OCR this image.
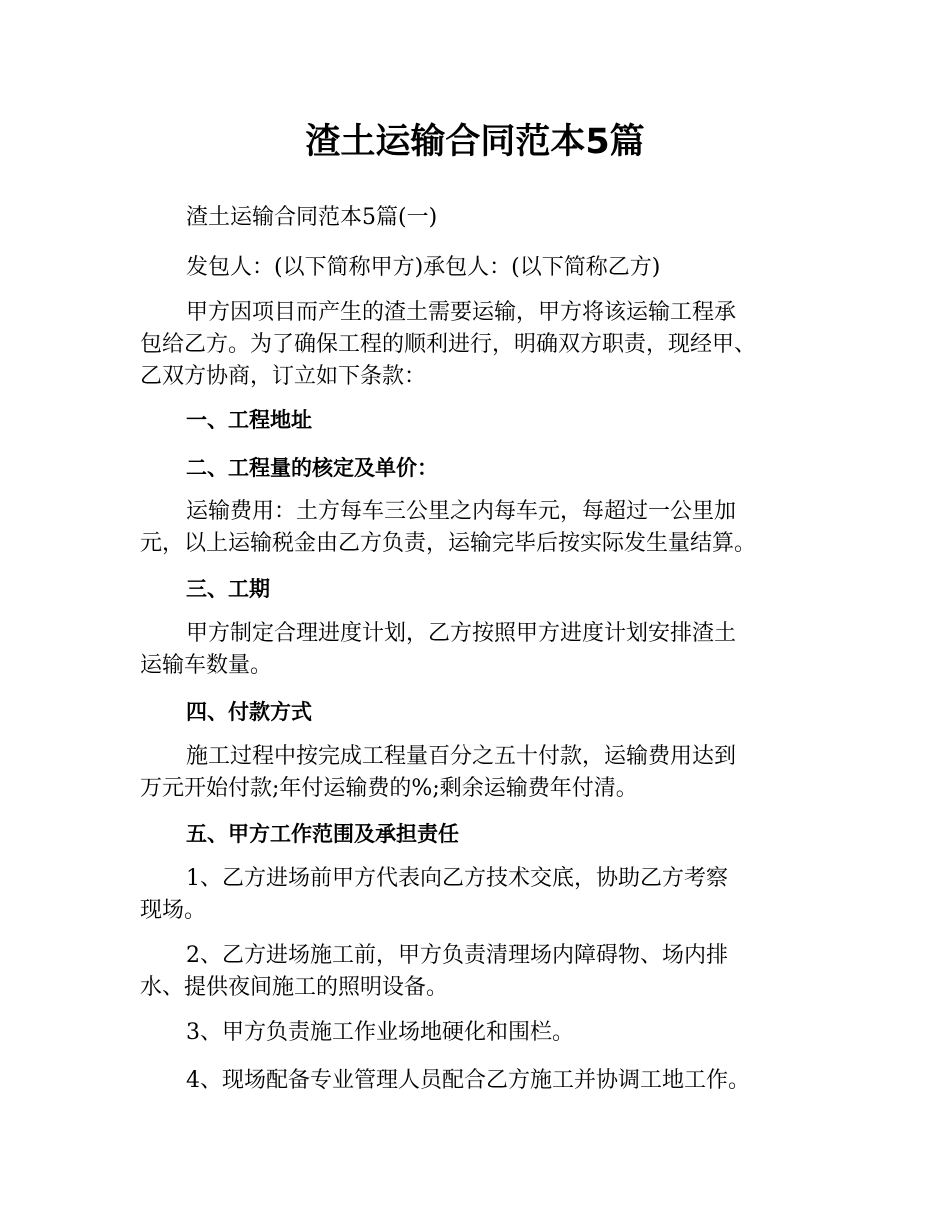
渣土运输合同范本5篇

渣土运输合同范本5篇(一)

发包人：(以下简称甲方)承包人：(以下简称乙方)

甲方因项目而产生的渣土需要运输，甲方将该运输工程承
包给乙方。为了确保工程的顺利进行，明确双方职责，现经甲、
乙双方协商，订立如下条款：

一、工程地址

二、工程量的核定及单价：

运输费用：土方每车三公里之内每车元，每超过一公里加
元，以上运输税金由乙方负责，运输完毕后按实际发生量结算。

三、工期

甲方制定合理进度计划，乙方按照甲方进度计划安排渣土
运输车数量。

四、付款方式

施工过程中按完成工程量百分之五十付款，运输费用达到
万元开始付款;年付运输费的%;剩余运输费年付清。

五、甲方工作范围及承担责任

1、乙方进场前甲方代表向乙方技术交底，协助乙方考察
现场。

2、乙方进场施工前，甲方负责清理场内障碍物、场内排
水、提供夜间施工的照明设备。

3、甲方负责施工作业场地硬化和围栏。

4、现场配备专业管理人员配合乙方施工并协调工地工作。
